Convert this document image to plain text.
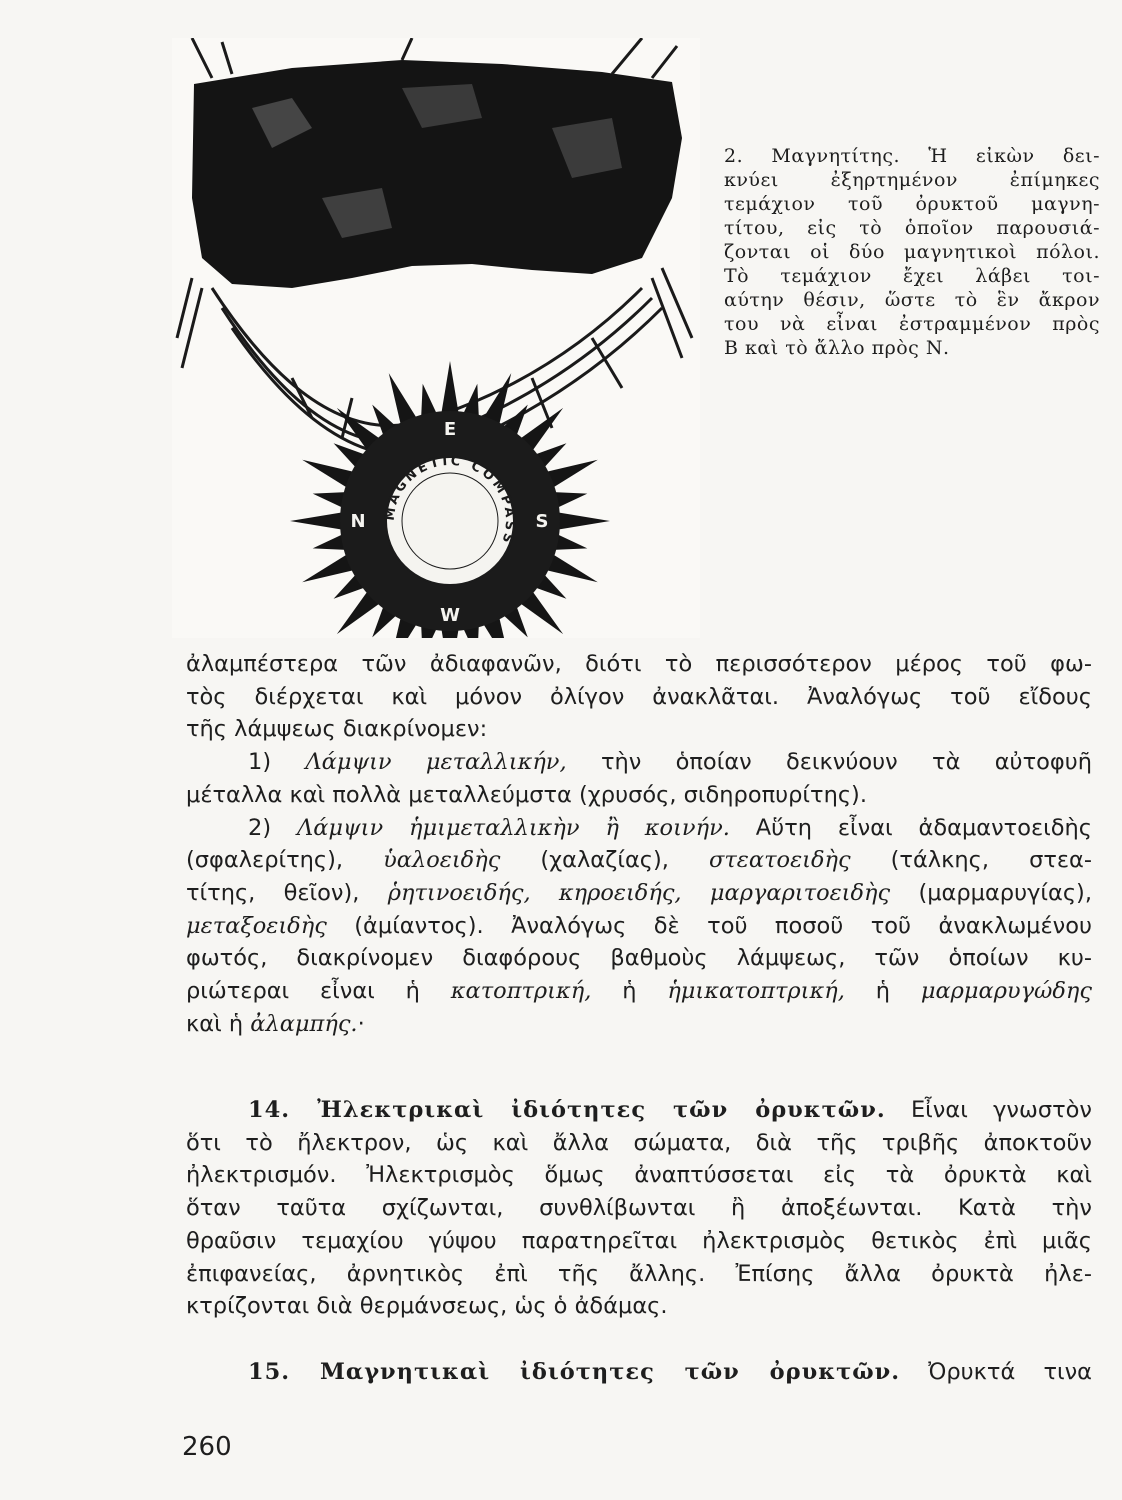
MAGNETIC COMPASS
E
S
W
N
2. Μαγνητίτης. Ἡ εἰκὼν δει-
κνύει ἐξηρτημένον ἐπίμηκες
τεμάχιον τοῦ ὀρυκτοῦ μαγνη-
τίτου, εἰς τὸ ὁποῖον παρουσιά-
ζονται οἱ δύο μαγνητικοὶ πόλοι.
Τὸ τεμάχιον ἔχει λάβει τοι-
αύτην θέσιν, ὥστε τὸ ἓν ἄκρον
του νὰ εἶναι ἐστραμμένον πρὸς
Β καὶ τὸ ἄλλο πρὸς Ν.
ἀλαμπέστερα τῶν ἀδιαφανῶν, διότι τὸ περισσότερον μέρος τοῦ φω-
τὸς διέρχεται καὶ μόνον ὀλίγον ἀνακλᾶται. Ἀναλόγως τοῦ εἴδους
τῆς λάμψεως διακρίνομεν:
1) Λάμψιν μεταλλικήν, τὴν ὁποίαν δεικνύουν τὰ αὐτοφυῆ
μέταλλα καὶ πολλὰ μεταλλεύμστα (χρυσός, σιδηροπυρίτης).
2) Λάμψιν ἡμιμεταλλικὴν ἢ κοινήν. Αὕτη εἶναι ἀδαμαντοειδὴς
(σφαλερίτης), ὑαλοειδὴς (χαλαζίας), στεατοειδὴς (τάλκης, στεα-
τίτης, θεῖον), ῥητινοειδής, κηροειδής, μαργαριτοειδὴς (μαρμαρυγίας),
μεταξοειδὴς (ἀμίαντος). Ἀναλόγως δὲ τοῦ ποσοῦ τοῦ ἀνακλωμένου
φωτός, διακρίνομεν διαφόρους βαθμοὺς λάμψεως, τῶν ὁποίων κυ-
ριώτεραι εἶναι ἡ κατοπτρική, ἡ ἡμικατοπτρική, ἡ μαρμαρυγώδης
καὶ ἡ ἀλαμπής.·
14. Ἠλεκτρικαὶ ἰδιότητες τῶν ὀρυκτῶν. Εἶναι γνωστὸν
ὅτι τὸ ἤλεκτρον, ὡς καὶ ἄλλα σώματα, διὰ τῆς τριβῆς ἀποκτοῦν
ἠλεκτρισμόν. Ἠλεκτρισμὸς ὅμως ἀναπτύσσεται εἰς τὰ ὀρυκτὰ καὶ
ὅταν ταῦτα σχίζωνται, συνθλίβωνται ἢ ἀποξέωνται. Κατὰ τὴν
θραῦσιν τεμαχίου γύψου παρατηρεῖται ἠλεκτρισμὸς θετικὸς ἐπὶ μιᾶς
ἐπιφανείας, ἀρνητικὸς ἐπὶ τῆς ἄλλης. Ἐπίσης ἄλλα ὀρυκτὰ ἠλε-
κτρίζονται διὰ θερμάνσεως, ὡς ὁ ἀδάμας.
15. Μαγνητικαὶ ἰδιότητες τῶν ὀρυκτῶν. Ὀρυκτά τινα
260
